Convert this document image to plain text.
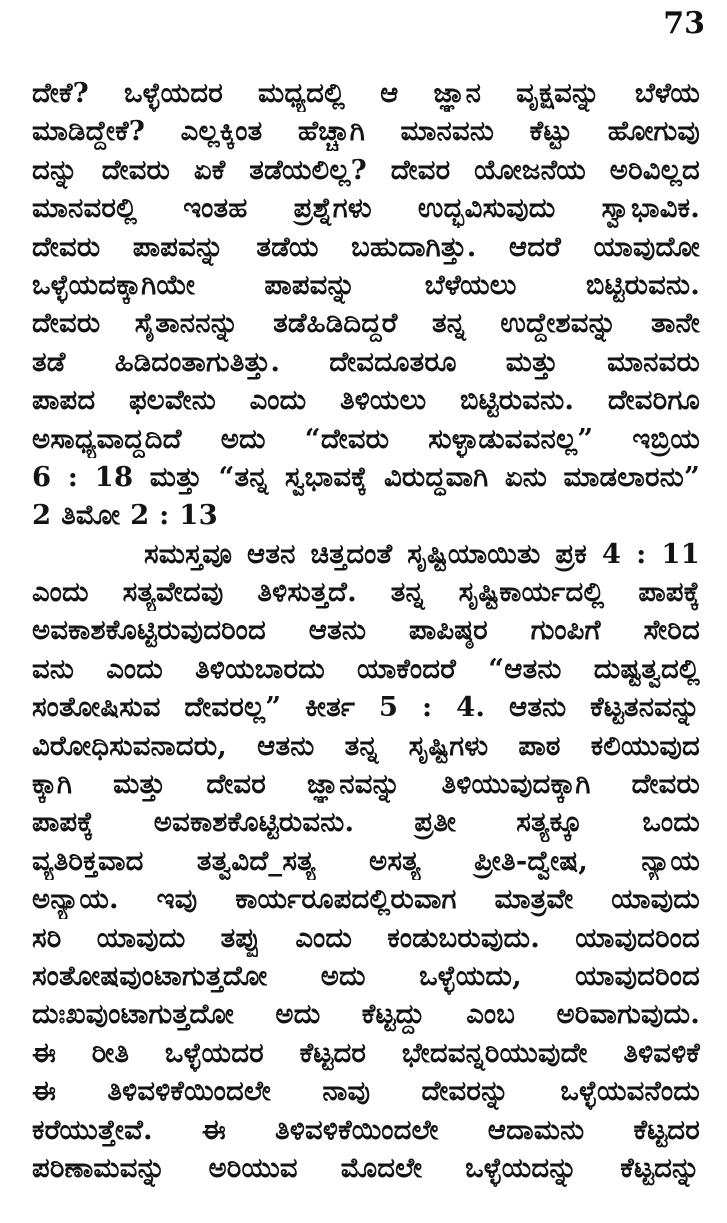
73
ದೇಕೆ? ಒಳ್ಳೆಯದರ ಮಧ್ಯದಲ್ಲಿ ಆ ಜ್ಞಾನ ವೃಕ್ಷವನ್ನು ಬೆಳೆಯ
ಮಾಡಿದ್ದೇಕೆ? ಎಲ್ಲಕ್ಕಿಂತ ಹೆಚ್ಚಾಗಿ ಮಾನವನು ಕೆಟ್ಟು ಹೋಗುವು
ದನ್ನು ದೇವರು ಏಕೆ ತಡೆಯಲಿಲ್ಲ? ದೇವರ ಯೋಜನೆಯ ಅರಿವಿಲ್ಲದ
ಮಾನವರಲ್ಲಿ ಇಂತಹ ಪ್ರಶ್ನೆಗಳು ಉದ್ಭವಿಸುವುದು ಸ್ವಾಭಾವಿಕ.
ದೇವರು ಪಾಪವನ್ನು ತಡೆಯ ಬಹುದಾಗಿತ್ತು. ಆದರೆ ಯಾವುದೋ
ಒಳ್ಳೆಯದಕ್ಕಾಗಿಯೇ ಪಾಪವನ್ನು ಬೆಳೆಯಲು ಬಿಟ್ಟಿರುವನು.
ದೇವರು ಸೈತಾನನನ್ನು ತಡೆಹಿಡಿದಿದ್ದರೆ ತನ್ನ ಉದ್ದೇಶವನ್ನು ತಾನೇ
ತಡೆ ಹಿಡಿದಂತಾಗುತಿತ್ತು. ದೇವದೂತರೂ ಮತ್ತು ಮಾನವರು
ಪಾಪದ ಫಲವೇನು ಎಂದು ತಿಳಿಯಲು ಬಿಟ್ಟಿರುವನು. ದೇವರಿಗೂ
ಅಸಾಧ್ಯವಾದ್ದದಿದೆ ಅದು “ದೇವರು ಸುಳ್ಳಾಡುವವನಲ್ಲ” ಇಬ್ರಿಯ
6 : 18 ಮತ್ತು “ತನ್ನ ಸ್ವಭಾವಕ್ಕೆ ವಿರುದ್ಧವಾಗಿ ಏನು ಮಾಡಲಾರನು”
2 ತಿಮೋ 2 : 13
ಸಮಸ್ತವೂ ಆತನ ಚಿತ್ತದಂತೆ ಸೃಷ್ಟಿಯಾಯಿತು ಪ್ರಕ 4 : 11
ಎಂದು ಸತ್ಯವೇದವು ತಿಳಿಸುತ್ತದೆ. ತನ್ನ ಸೃಷ್ಟಿಕಾರ್ಯದಲ್ಲಿ ಪಾಪಕ್ಕೆ
ಅವಕಾಶಕೊಟ್ಟಿರುವುದರಿಂದ ಆತನು ಪಾಪಿಷ್ಠರ ಗುಂಪಿಗೆ ಸೇರಿದ
ವನು ಎಂದು ತಿಳಿಯಬಾರದು ಯಾಕೆಂದರೆ “ಆತನು ದುಷ್ಟತ್ವದಲ್ಲಿ
ಸಂತೋಷಿಸುವ ದೇವರಲ್ಲ” ಕೀರ್ತ 5 : 4. ಆತನು ಕೆಟ್ಟತನವನ್ನು
ವಿರೋಧಿಸುವನಾದರು, ಆತನು ತನ್ನ ಸೃಷ್ಟಿಗಳು ಪಾಠ ಕಲಿಯುವುದ
ಕ್ಕಾಗಿ ಮತ್ತು ದೇವರ ಜ್ಞಾನವನ್ನು ತಿಳಿಯುವುದಕ್ಕಾಗಿ ದೇವರು
ಪಾಪಕ್ಕೆ ಅವಕಾಶಕೊಟ್ಟಿರುವನು. ಪ್ರತೀ ಸತ್ಯಕ್ಕೂ ಒಂದು
ವ್ಯತಿರಿಕ್ತವಾದ ತತ್ವವಿದೆ_ಸತ್ಯ ಅಸತ್ಯ ಪ್ರೀತಿ-ದ್ವೇಷ, ನ್ಯಾಯ
ಅನ್ಯಾಯ. ಇವು ಕಾರ್ಯರೂಪದಲ್ಲಿರುವಾಗ ಮಾತ್ರವೇ ಯಾವುದು
ಸರಿ ಯಾವುದು ತಪ್ಪು ಎಂದು ಕಂಡುಬರುವುದು. ಯಾವುದರಿಂದ
ಸಂತೋಷವುಂಟಾಗುತ್ತದೋ ಅದು ಒಳ್ಳೆಯದು, ಯಾವುದರಿಂದ
ದುಃಖವುಂಟಾಗುತ್ತದೋ ಅದು ಕೆಟ್ಟದ್ದು ಎಂಬ ಅರಿವಾಗುವುದು.
ಈ ರೀತಿ ಒಳ್ಳೆಯದರ ಕೆಟ್ಟದರ ಭೇದವನ್ನರಿಯುವುದೇ ತಿಳಿವಳಿಕೆ
ಈ ತಿಳಿವಳಿಕೆಯಿಂದಲೇ ನಾವು ದೇವರನ್ನು ಒಳ್ಳೆಯವನೆಂದು
ಕರೆಯುತ್ತೇವೆ. ಈ ತಿಳಿವಳಿಕೆಯಿಂದಲೇ ಆದಾಮನು ಕೆಟ್ಟದರ
ಪರಿಣಾಮವನ್ನು ಅರಿಯುವ ಮೊದಲೇ ಒಳ್ಳೆಯದನ್ನು ಕೆಟ್ಟದನ್ನು
